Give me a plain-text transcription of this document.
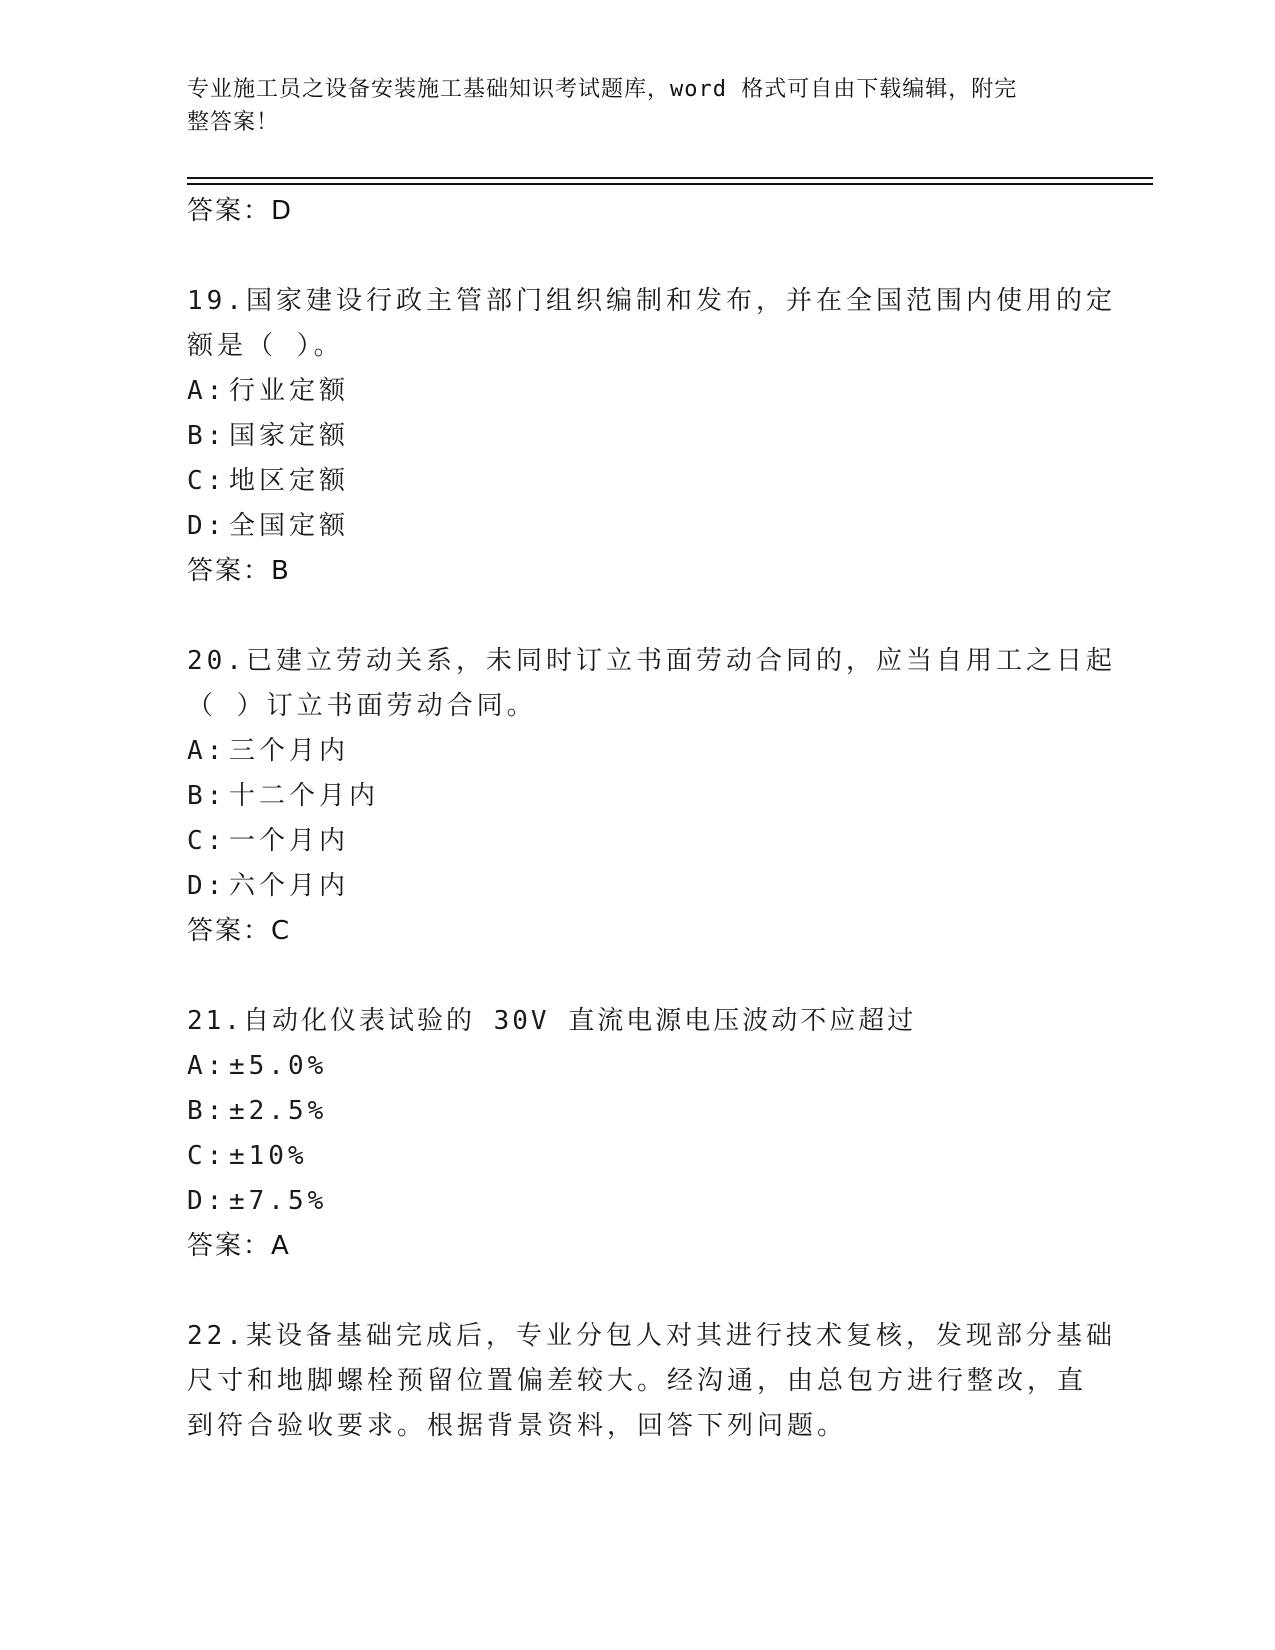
专业施工员之设备安装施工基础知识考试题库，word 格式可自由下载编辑，附完
整答案！
答案：D
19.国家建设行政主管部门组织编制和发布，并在全国范围内使用的定
额是（ ）。
A: 行业定额
B: 国家定额
C: 地区定额
D: 全国定额
答案：B
20.已建立劳动关系，未同时订立书面劳动合同的，应当自用工之日起
（ ）订立书面劳动合同。
A: 三个月内
B: 十二个月内
C: 一个月内
D: 六个月内
答案：C
21.自动化仪表试验的 30V 直流电源电压波动不应超过
A: ±5.0%
B: ±2.5%
C: ±10%
D: ±7.5%
答案：A
22.某设备基础完成后，专业分包人对其进行技术复核，发现部分基础
尺寸和地脚螺栓预留位置偏差较大。经沟通，由总包方进行整改，直
到符合验收要求。根据背景资料，回答下列问题。
